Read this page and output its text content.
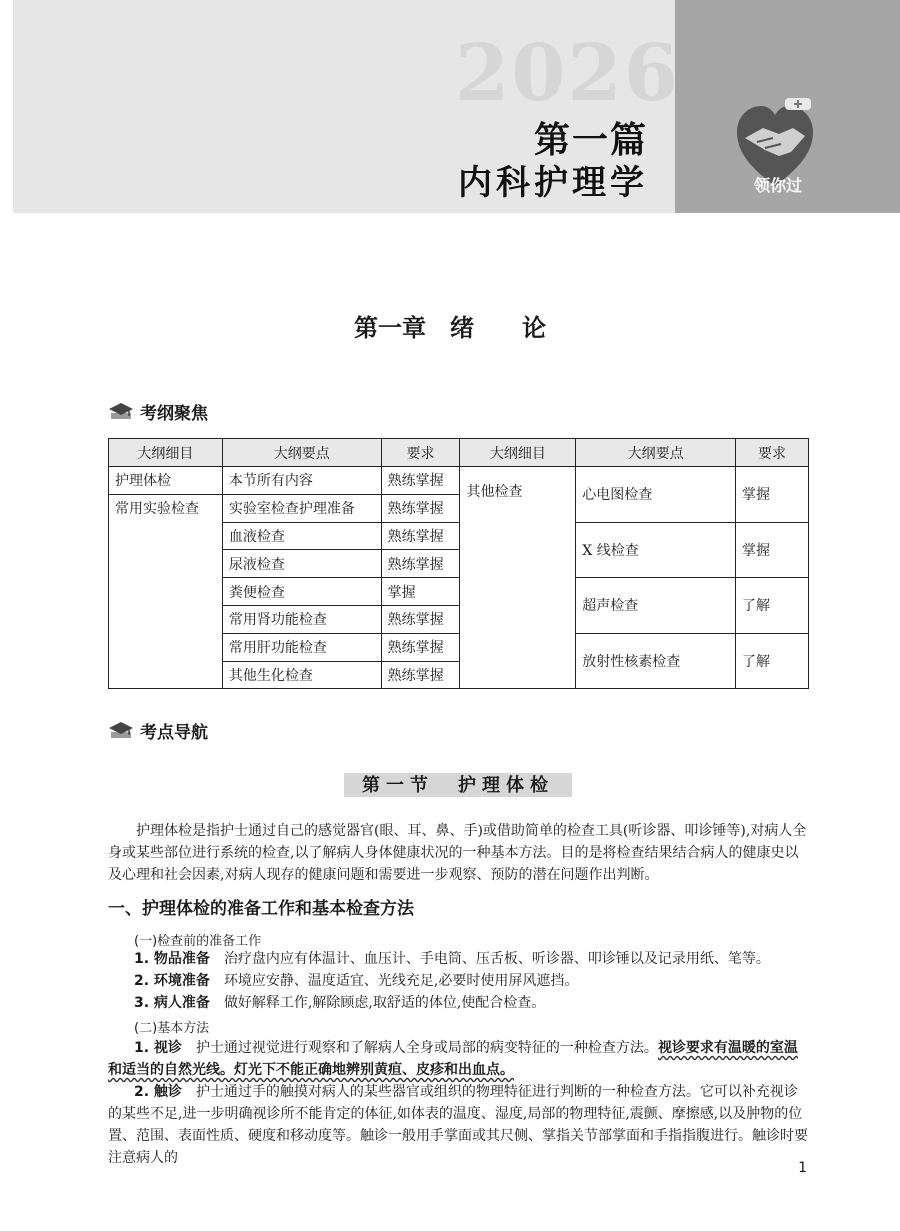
2026
第一篇
内科护理学	领你过
第一章　绪　　论
考纲聚焦
大纲细目	大纲要点	要求	大纲细目	大纲要点	要求
护理体检	本节所有内容	熟练掌握	其他检查	心电图检查	掌握
常用实验检查	实验室检查护理准备	熟练掌握			
	血液检查	熟练掌握		X 线检查	掌握
	尿液检查	熟练掌握			
	粪便检查	掌握		超声检查	了解
	常用肾功能检查	熟练掌握			
	常用肝功能检查	熟练掌握		放射性核素检查	了解
	其他生化检查	熟练掌握			
考点导航
第一节　护理体检
护理体检是指护士通过自己的感觉器官(眼、耳、鼻、手)或借助简单的检查工具(听诊器、叩诊锤等),对病人全身或某些部位进行系统的检查,以了解病人身体健康状况的一种基本方法。目的是将检查结果结合病人的健康史以及心理和社会因素,对病人现存的健康问题和需要进一步观察、预防的潜在问题作出判断。
一、护理体检的准备工作和基本检查方法
(一)检查前的准备工作
1. 物品准备　 治疗盘内应有体温计、血压计、手电筒、压舌板、听诊器、叩诊锤以及记录用纸、笔等。
2. 环境准备　 环境应安静、温度适宜、光线充足,必要时使用屏风遮挡。
3. 病人准备　 做好解释工作,解除顾虑,取舒适的体位,使配合检查。
(二)基本方法
1. 视诊　 护士通过视觉进行观察和了解病人全身或局部的病变特征的一种检查方法。视诊要求有温暖的室温和适当的自然光线。灯光下不能正确地辨别黄疸、皮疹和出血点。
2. 触诊　 护士通过手的触摸对病人的某些器官或组织的物理特征进行判断的一种检查方法。它可以补充视诊的某些不足,进一步明确视诊所不能肯定的体征,如体表的温度、湿度,局部的物理特征,震颤、摩擦感,以及肿物的位置、范围、表面性质、硬度和移动度等。触诊一般用手掌面或其尺侧、掌指关节部掌面和手指指腹进行。触诊时要注意病人的
1
